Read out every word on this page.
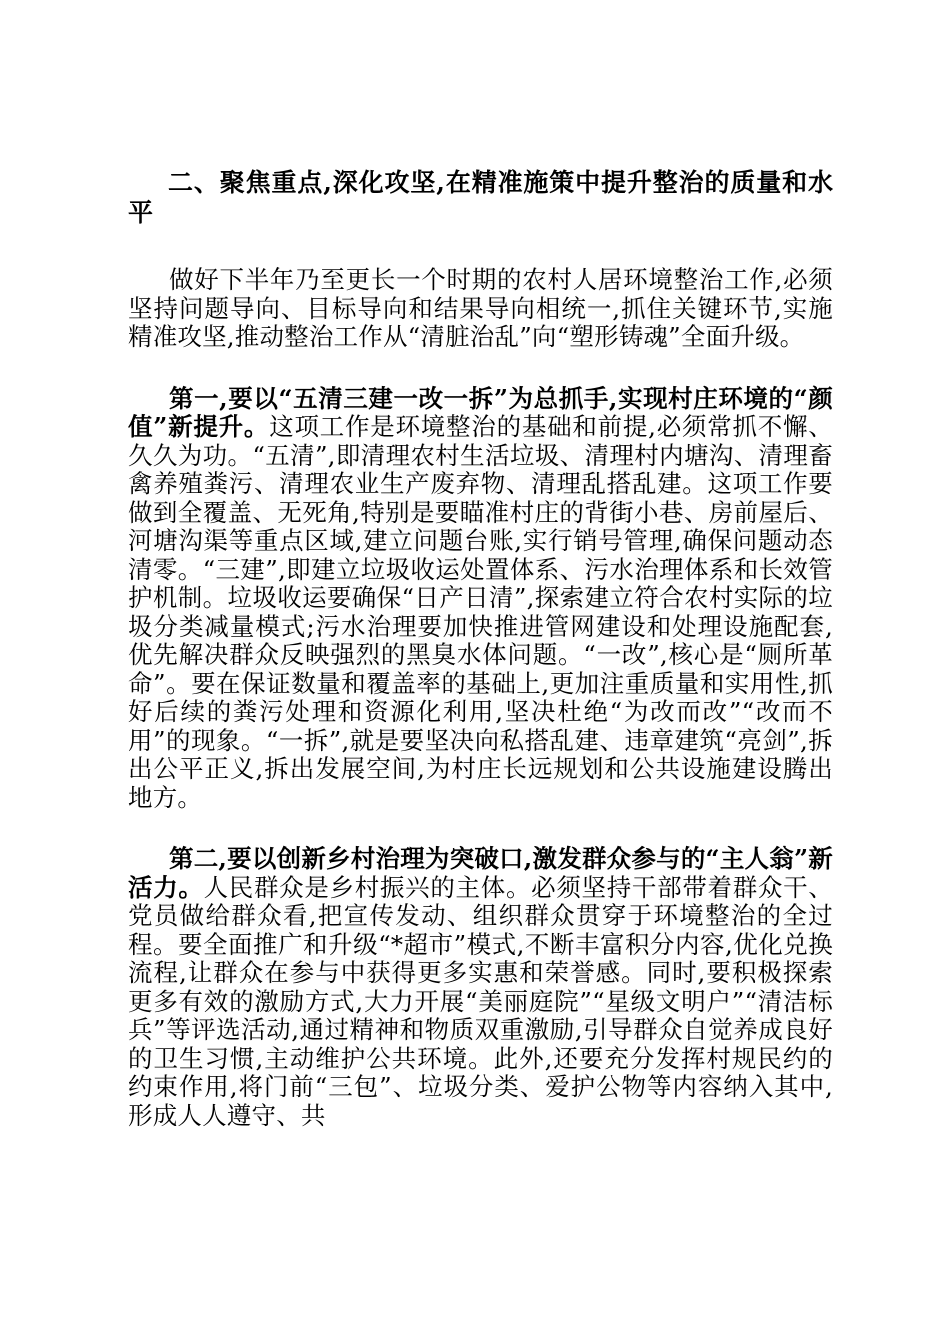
二、聚焦重点,深化攻坚,在精准施策中提升整治的质量和水平
做好下半年乃至更长一个时期的农村人居环境整治工作,必须坚持问题导向、目标导向和结果导向相统一,抓住关键环节,实施精准攻坚,推动整治工作从“清脏治乱”向“塑形铸魂”全面升级。
第一,要以“五清三建一改一拆”为总抓手,实现村庄环境的“颜值”新提升。这项工作是环境整治的基础和前提,必须常抓不懈、久久为功。“五清”,即清理农村生活垃圾、清理村内塘沟、清理畜禽养殖粪污、清理农业生产废弃物、清理乱搭乱建。这项工作要做到全覆盖、无死角,特别是要瞄准村庄的背街小巷、房前屋后、河塘沟渠等重点区域,建立问题台账,实行销号管理,确保问题动态清零。“三建”,即建立垃圾收运处置体系、污水治理体系和长效管护机制。垃圾收运要确保“日产日清”,探索建立符合农村实际的垃圾分类减量模式;污水治理要加快推进管网建设和处理设施配套,优先解决群众反映强烈的黑臭水体问题。“一改”,核心是“厕所革命”。要在保证数量和覆盖率的基础上,更加注重质量和实用性,抓好后续的粪污处理和资源化利用,坚决杜绝“为改而改”“改而不用”的现象。“一拆”,就是要坚决向私搭乱建、违章建筑“亮剑”,拆出公平正义,拆出发展空间,为村庄长远规划和公共设施建设腾出地方。
第二,要以创新乡村治理为突破口,激发群众参与的“主人翁”新活力。人民群众是乡村振兴的主体。必须坚持干部带着群众干、党员做给群众看,把宣传发动、组织群众贯穿于环境整治的全过程。要全面推广和升级“*超市”模式,不断丰富积分内容,优化兑换流程,让群众在参与中获得更多实惠和荣誉感。同时,要积极探索更多有效的激励方式,大力开展“美丽庭院”“星级文明户”“清洁标兵”等评选活动,通过精神和物质双重激励,引导群众自觉养成良好的卫生习惯,主动维护公共环境。此外,还要充分发挥村规民约的约束作用,将门前“三包”、垃圾分类、爱护公物等内容纳入其中,形成人人遵守、共
